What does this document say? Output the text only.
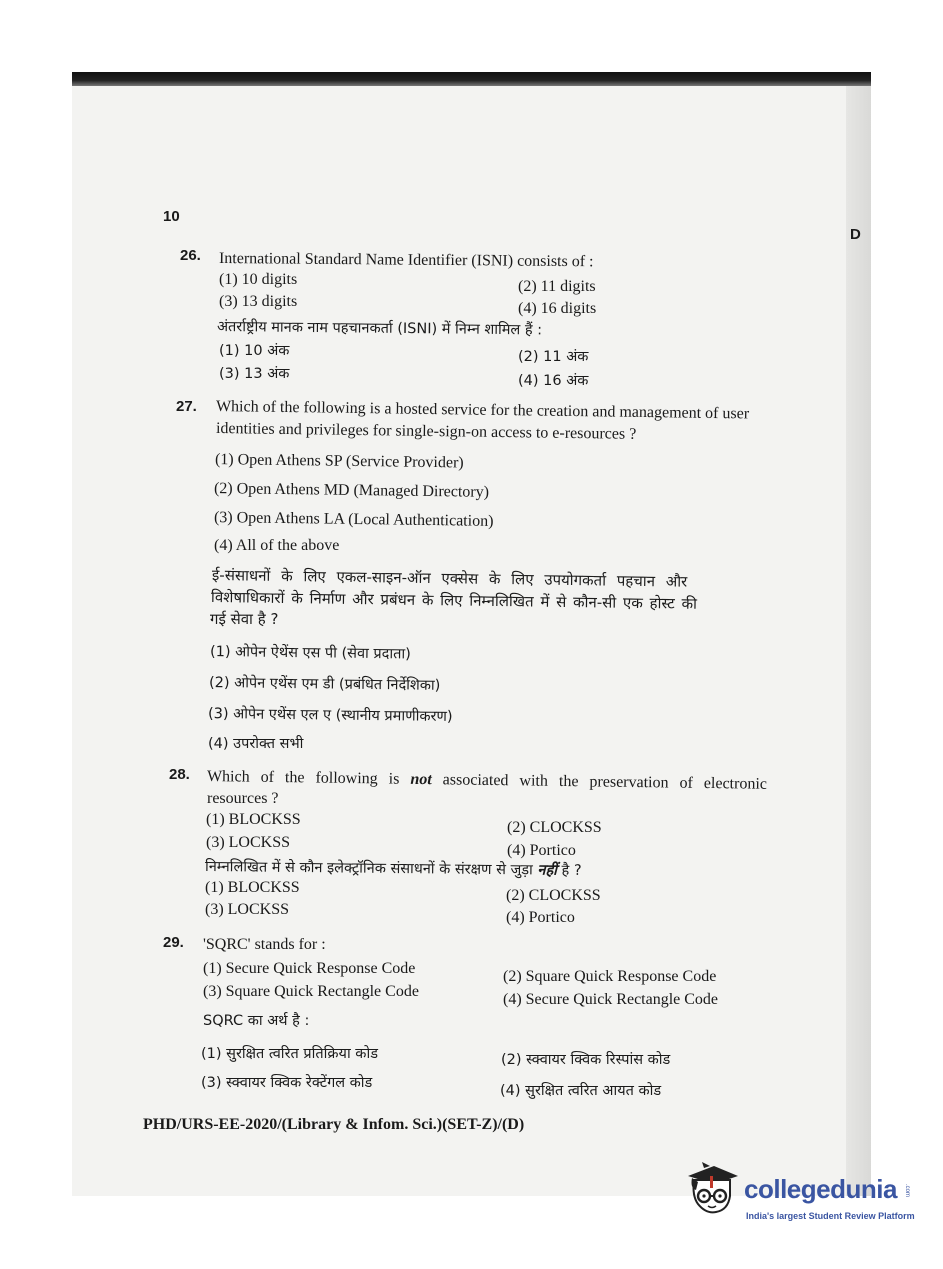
10
D
26. International Standard Name Identifier (ISNI) consists of :
(1) 10 digits	(2) 11 digits
(3) 13 digits	(4) 16 digits
अंतर्राष्ट्रीय मानक नाम पहचानकर्ता (ISNI) में निम्न शामिल हैं :
(1) 10 अंक	(2) 11 अंक
(3) 13 अंक	(4) 16 अंक
27. Which of the following is a hosted service for the creation and management of user
identities and privileges for single-sign-on access to e-resources ?
(1) Open Athens SP (Service Provider)
(2) Open Athens MD (Managed Directory)
(3) Open Athens LA (Local Authentication)
(4) All of the above
ई-संसाधनों के लिए एकल-साइन-ऑन एक्सेस के लिए उपयोगकर्ता पहचान और
विशेषाधिकारों के निर्माण और प्रबंधन के लिए निम्नलिखित में से कौन-सी एक होस्ट की
गई सेवा है ?
(1) ओपेन ऐथेंस एस पी (सेवा प्रदाता)
(2) ओपेन एथेंस एम डी (प्रबंधित निर्देशिका)
(3) ओपेन एथेंस एल ए (स्थानीय प्रमाणीकरण)
(4) उपरोक्त सभी
28. Which of the following is not associated with the preservation of electronic
resources ?
(1) BLOCKSS	(2) CLOCKSS
(3) LOCKSS	(4) Portico
निम्नलिखित में से कौन इलेक्ट्रॉनिक संसाधनों के संरक्षण से जुड़ा नहीं है ?
(1) BLOCKSS	(2) CLOCKSS
(3) LOCKSS	(4) Portico
29. 'SQRC' stands for :
(1) Secure Quick Response Code	(2) Square Quick Response Code
(3) Square Quick Rectangle Code	(4) Secure Quick Rectangle Code
SQRC का अर्थ है :
(1) सुरक्षित त्वरित प्रतिक्रिया कोड	(2) स्क्वायर क्विक रिस्पांस कोड
(3) स्क्वायर क्विक रेक्टेंगल कोड	(4) सुरक्षित त्वरित आयत कोड
PHD/URS-EE-2020/(Library & Infom. Sci.)(SET-Z)/(D)
collegedunia .com
India's largest Student Review Platform
